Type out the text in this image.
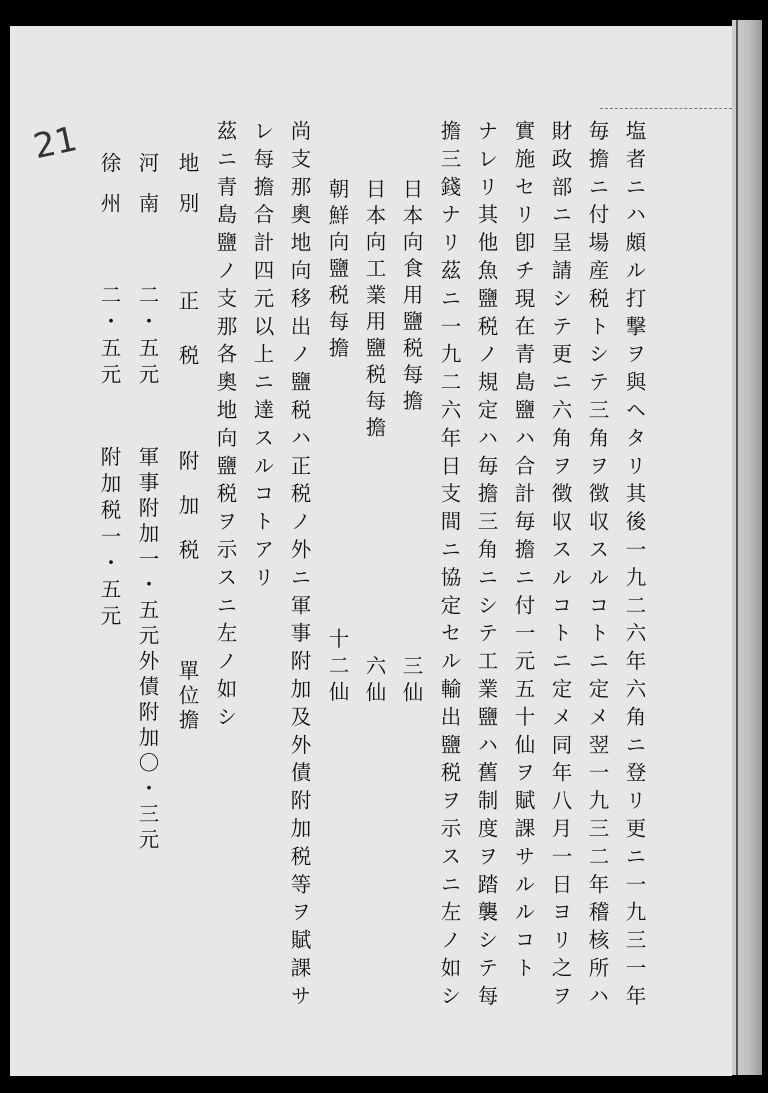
21	塩者ニハ頗ル打撃ヲ與ヘタリ其後一九二六年六角ニ登リ更ニ一九三一年
毎擔ニ付場産税トシテ三角ヲ徴収スルコトニ定メ翌一九三二年稽核所ハ
財政部ニ呈請シテ更ニ六角ヲ徴収スルコトニ定メ同年八月一日ヨリ之ヲ
實施セリ卽チ現在青島鹽ハ合計毎擔ニ付一元五十仙ヲ賦課サルルコト
ナレリ其他魚鹽税ノ規定ハ毎擔三角ニシテ工業鹽ハ舊制度ヲ踏襲シテ每
擔三錢ナリ茲ニ一九二六年日支間ニ協定セル輸出鹽税ヲ示スニ左ノ如シ
日本向食用鹽税每擔
三仙
日本向工業用鹽税每擔
六仙
朝鮮向鹽税每擔
十二仙
尚支那奧地向移出ノ鹽税ハ正税ノ外ニ軍事附加及外債附加税等ヲ賦課サ
レ每擔合計四元以上ニ達スルコトアリ
茲ニ青島鹽ノ支那各奧地向鹽税ヲ示スニ左ノ如シ
地別
正税
附加税
單位擔
河南
二・五元
軍事附加一・五元外債附加〇・三元
徐州
二・五元
附加税一・五元
